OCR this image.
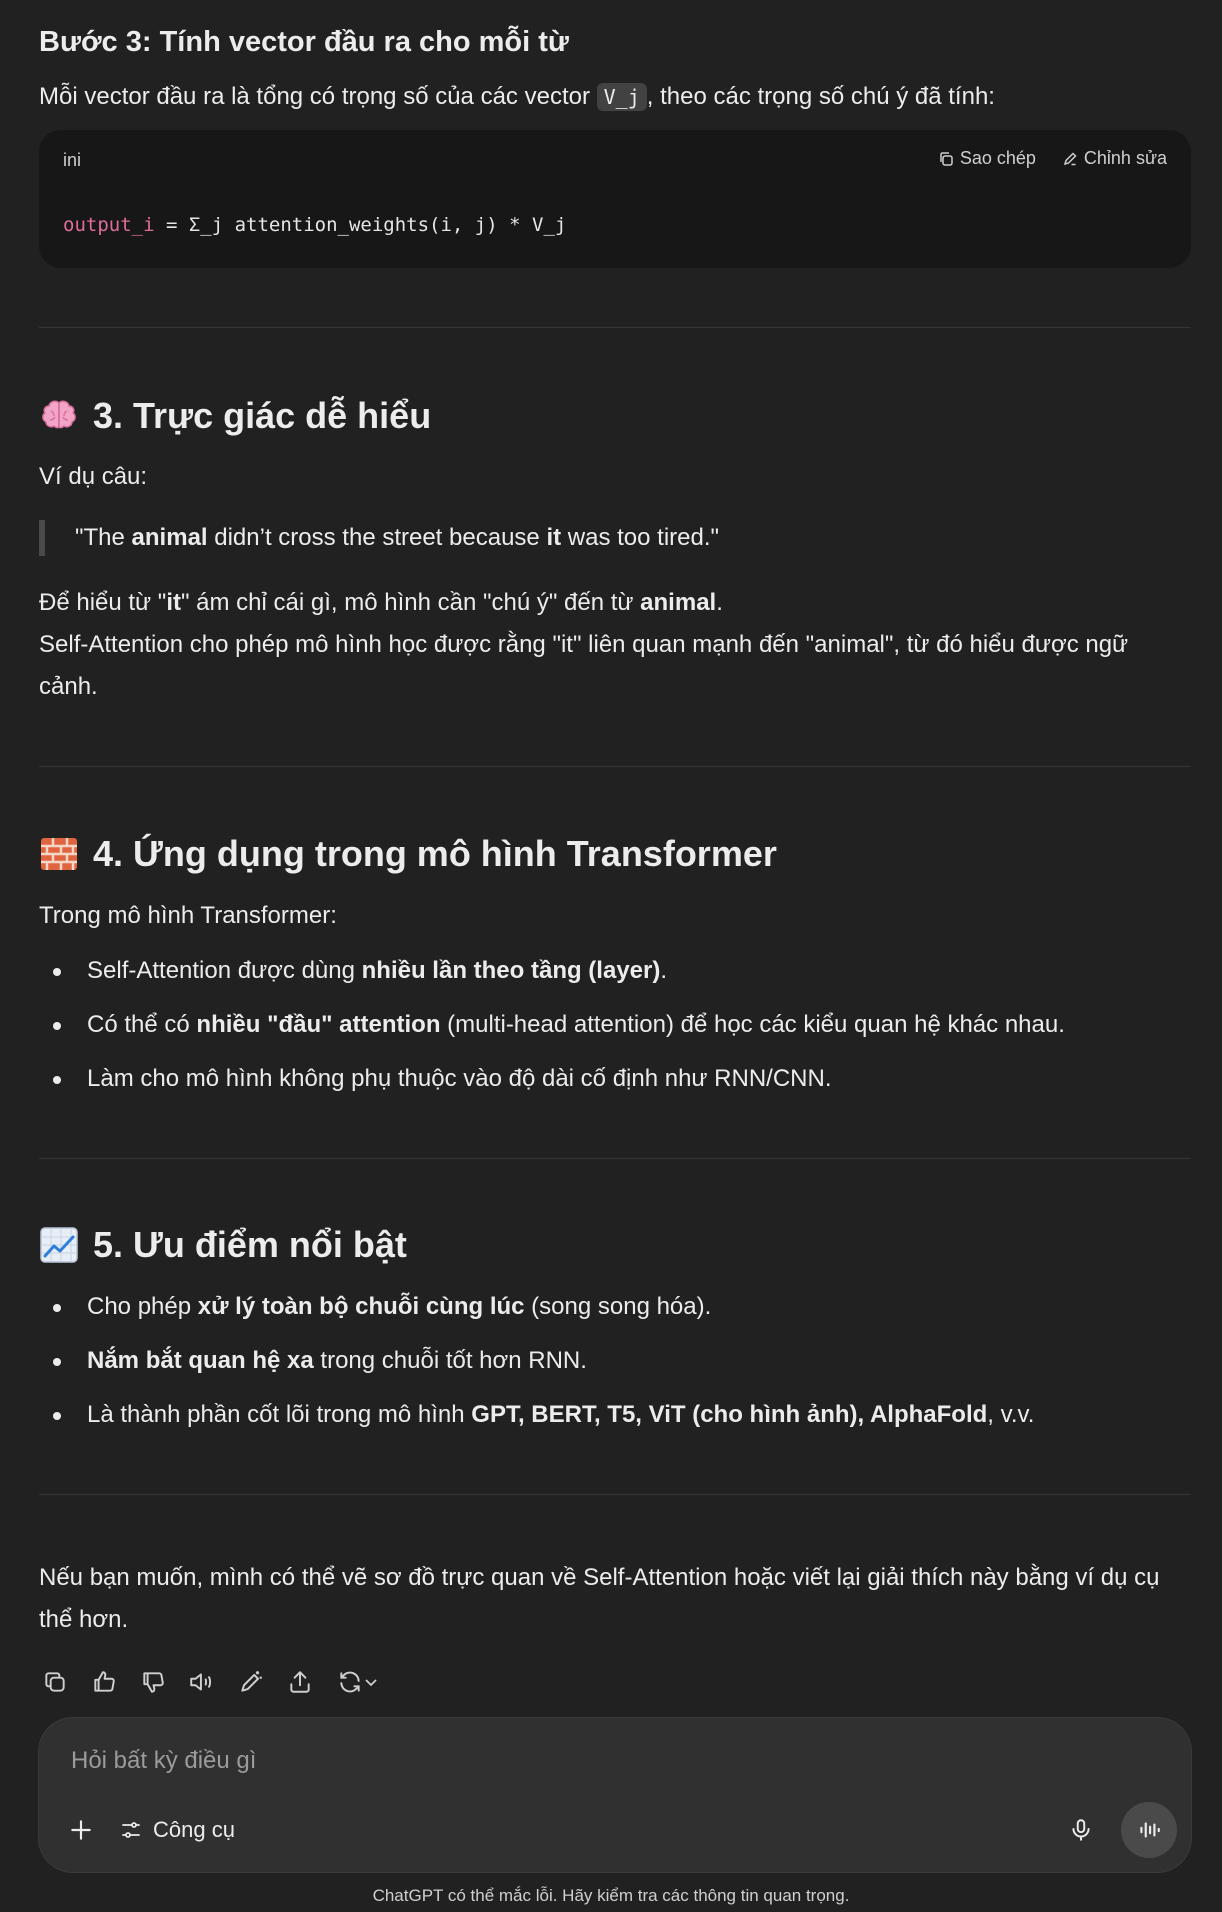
Bước 3: Tính vector đầu ra cho mỗi từ

Mỗi vector đầu ra là tổng có trọng số của các vector V_j , theo các trọng số chú ý đã tính:

ini	Sao chép	Chỉnh sửa
output_i = Σ_j attention_weights(i, j) * V_j
3. Trực giác dễ hiểu

Ví dụ câu:

"The animal didn’t cross the street because it was too tired."

Để hiểu từ "it" ám chỉ cái gì, mô hình cần "chú ý" đến từ animal.
Self-Attention cho phép mô hình học được rằng "it" liên quan mạnh đến "animal", từ đó hiểu được ngữ cảnh.

4. Ứng dụng trong mô hình Transformer

Trong mô hình Transformer:

Self-Attention được dùng nhiều lần theo tầng (layer).
Có thể có nhiều "đầu" attention (multi-head attention) để học các kiểu quan hệ khác nhau.
Làm cho mô hình không phụ thuộc vào độ dài cố định như RNN/CNN.
5. Ưu điểm nổi bật
Cho phép xử lý toàn bộ chuỗi cùng lúc (song song hóa).
Nắm bắt quan hệ xa trong chuỗi tốt hơn RNN.
Là thành phần cốt lõi trong mô hình GPT, BERT, T5, ViT (cho hình ảnh), AlphaFold, v.v.

Nếu bạn muốn, mình có thể vẽ sơ đồ trực quan về Self-Attention hoặc viết lại giải thích này bằng ví dụ cụ thể hơn.

Hỏi bất kỳ điều gì
Công cụ
ChatGPT có thể mắc lỗi. Hãy kiểm tra các thông tin quan trọng.
